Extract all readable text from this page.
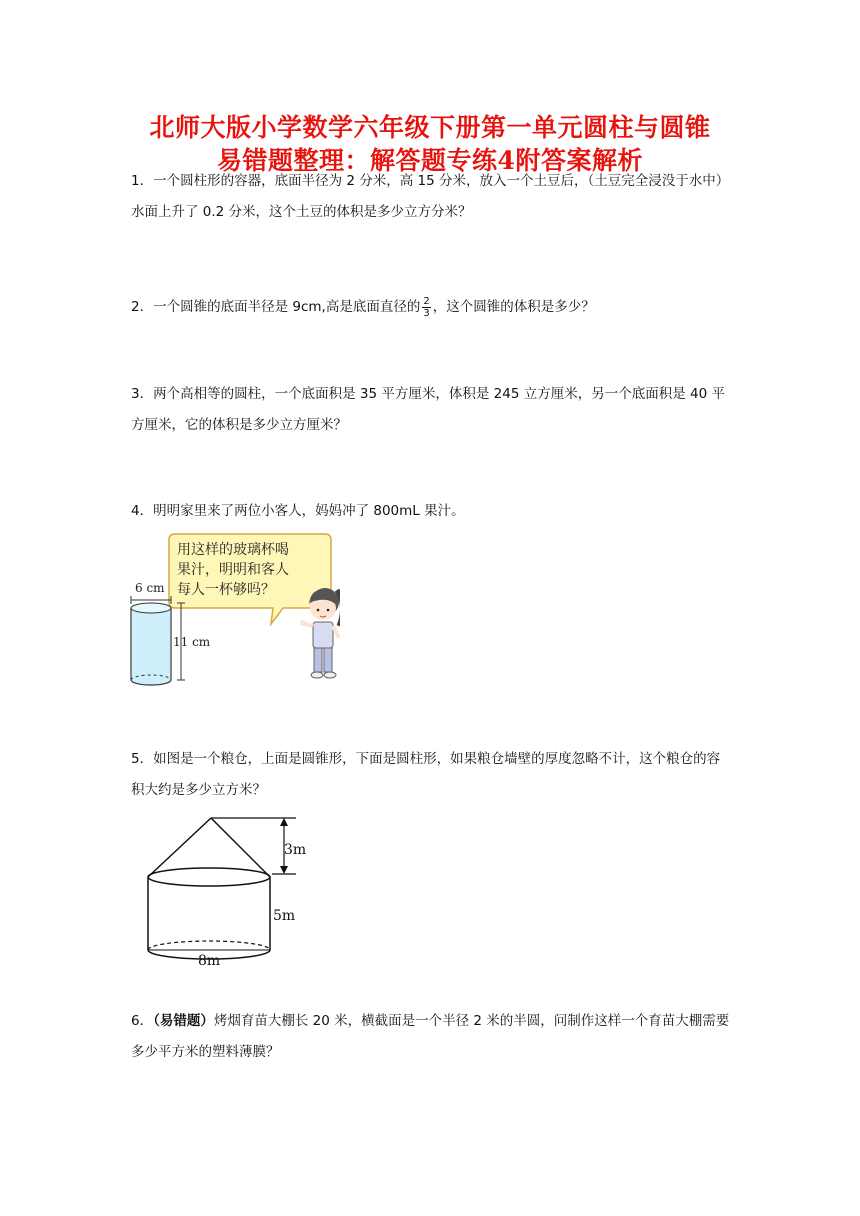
北师大版小学数学六年级下册第一单元圆柱与圆锥
易错题整理：解答题专练4附答案解析
1．一个圆柱形的容器，底面半径为 2 分米，高 15 分米，放入一个土豆后，（土豆完全浸没于水中）水面上升了 0.2 分米，这个土豆的体积是多少立方分米？
2．一个圆锥的底面半径是 9cm,高是底面直径的 $\frac{2}{3}$ ，这个圆锥的体积是多少？
3．两个高相等的圆柱，一个底面积是 35 平方厘米，体积是 245 立方厘米，另一个底面积是 40 平方厘米，它的体积是多少立方厘米？
4．明明家里来了两位小客人，妈妈冲了 800mL 果汁。
用这样的玻璃杯喝
果汁，明明和客人
每人一杯够吗？
6 cm
11 cm
5．如图是一个粮仓，上面是圆锥形，下面是圆柱形，如果粮仓墙壁的厚度忽略不计，这个粮仓的容积大约是多少立方米？
3m
5m
8m
6．（易错题）烤烟育苗大棚长 20 米，横截面是一个半径 2 米的半圆，问制作这样一个育苗大棚需要多少平方米的塑料薄膜？
